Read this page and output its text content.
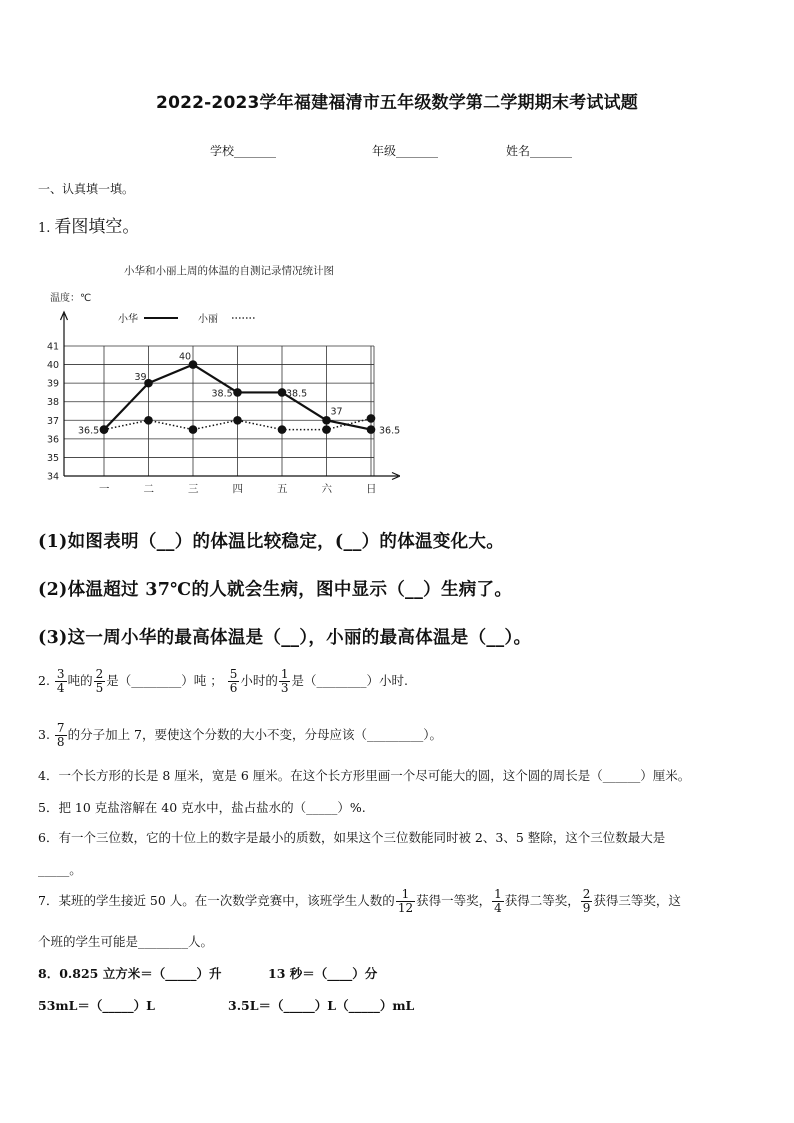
2022-2023学年福建福清市五年级数学第二学期期末考试试题
学校_______	年级_______	姓名_______
一、认真填一填。
1. 看图填空。
小华和小丽上周的体温的自测记录情况统计图
温度：℃
小华	小丽
34
35
36
37
38
39
40
41
一	二	三	四	五	六	日
36.5
39
40
38.5	38.5
37
36.5
(1)如图表明（__）的体温比较稳定，(__）的体温变化大。
(2)体温超过 37℃的人就会生病，图中显示（__）生病了。
(3)这一周小华的最高体温是（__），小丽的最高体温是（__）。
2. $\frac{3}{4}$ 吨的 $\frac{2}{5}$ 是（________）吨 ； $\frac{5}{6}$ 小时的 $\frac{1}{3}$ 是（________）小时.
3. $\frac{7}{8}$ 的分子加上 7，要使这个分数的大小不变，分母应该（_________）。
4．一个长方形的长是 8 厘米，宽是 6 厘米。在这个长方形里画一个尽可能大的圆，这个圆的周长是（______）厘米。
5．把 10 克盐溶解在 40 克水中，盐占盐水的（_____）%.
6．有一个三位数，它的十位上的数字是最小的质数，如果这个三位数能同时被 2、3、5 整除，这个三位数最大是
_____。
7．某班的学生接近 50 人。在一次数学竞赛中，该班学生人数的 $\frac{1}{12}$ 获得一等奖， $\frac{1}{4}$ 获得二等奖， $\frac{2}{9}$ 获得三等奖，这
个班的学生可能是________人。
8．0.825 立方米＝（_____）升	13 秒＝（____）分
53mL＝（_____）L	3.5L＝（_____）L（_____）mL
